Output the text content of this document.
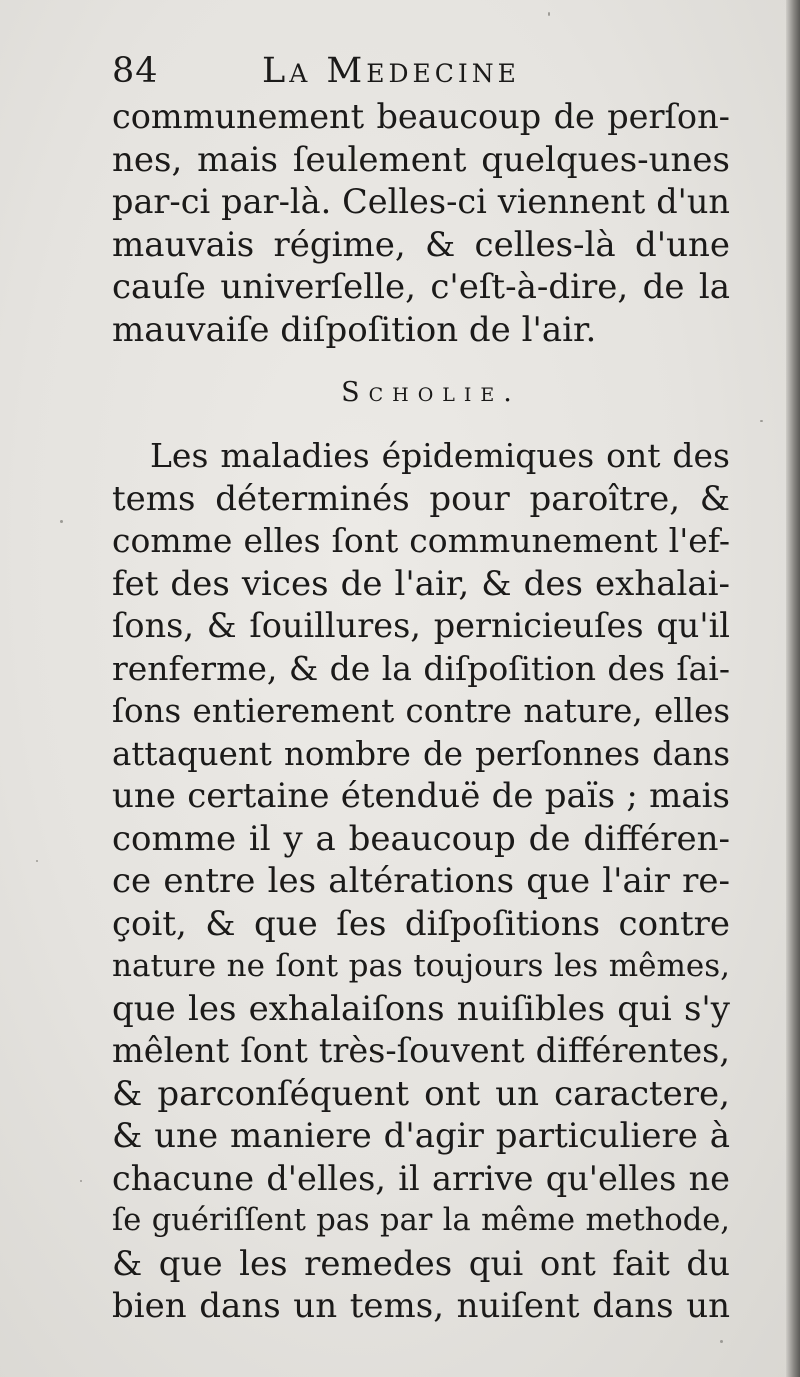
84	La Medecine
communement beaucoup de perſon-
nes, mais ſeulement quelques-unes
par-ci par-là. Celles-ci viennent d'un
mauvais régime, & celles-là d'une
cauſe univerſelle, c'eſt-à-dire, de la
mauvaiſe diſpoſition de l'air.
Scholie.
Les maladies épidemiques ont des
tems déterminés pour paroître, &
comme elles ſont communement l'ef-
fet des vices de l'air, & des exhalai-
ſons, & ſouillures, pernicieuſes qu'il
renferme, & de la diſpoſition des ſai-
ſons entierement contre nature, elles
attaquent nombre de perſonnes dans
une certaine étenduë de païs ; mais
comme il y a beaucoup de différen-
ce entre les altérations que l'air re-
çoit, & que ſes diſpoſitions contre
nature ne ſont pas toujours les mêmes,
que les exhalaiſons nuiſibles qui s'y
mêlent ſont très-ſouvent différentes,
& parconſéquent ont un caractere,
& une maniere d'agir particuliere à
chacune d'elles, il arrive qu'elles ne
ſe guériſſent pas par la même methode,
& que les remedes qui ont fait du
bien dans un tems, nuiſent dans un
